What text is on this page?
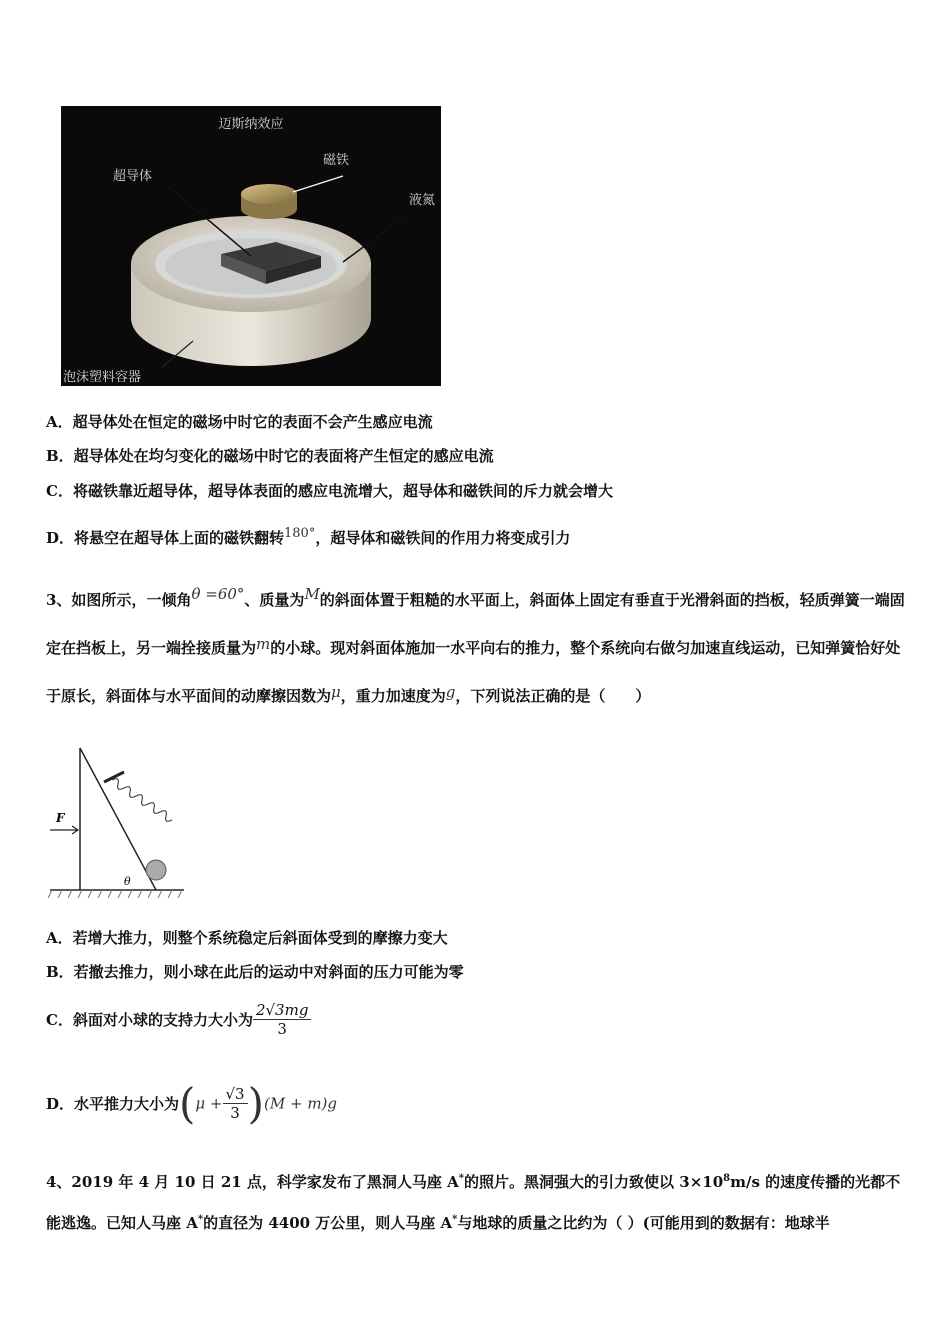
迈斯纳效应
超导体
磁铁
液氮
泡沫塑料容器
A．超导体处在恒定的磁场中时它的表面不会产生感应电流
B．超导体处在均匀变化的磁场中时它的表面将产生恒定的感应电流
C．将磁铁靠近超导体，超导体表面的感应电流增大，超导体和磁铁间的斥力就会增大
D．将悬空在超导体上面的磁铁翻转180°，超导体和磁铁间的作用力将变成引力
3、如图所示，一倾角θ =60°、质量为M的斜面体置于粗糙的水平面上，斜面体上固定有垂直于光滑斜面的挡板，轻质弹簧一端固定在挡板上，另一端拴接质量为m的小球。现对斜面体施加一水平向右的推力，整个系统向右做匀加速直线运动，已知弹簧恰好处于原长，斜面体与水平面间的动摩擦因数为μ，重力加速度为g，下列说法正确的是（　　）
F
θ
A．若增大推力，则整个系统稳定后斜面体受到的摩擦力变大
B．若撤去推力，则小球在此后的运动中对斜面的压力可能为零
C．斜面对小球的支持力大小为 $\frac{2√3mg}{3}$
D．水平推力大小为$(\mu + \frac{√3}{3} )(M + m)g$
4、2019 年 4 月 10 日 21 点，科学家发布了黑洞人马座 A*的照片。黑洞强大的引力致使以 $3\times 10^8m/s$ 的速度传播的光都不能逃逸。已知人马座 A*的直径为 4400 万公里，则人马座 A*与地球的质量之比约为（ ）(可能用到的数据有：地球半
